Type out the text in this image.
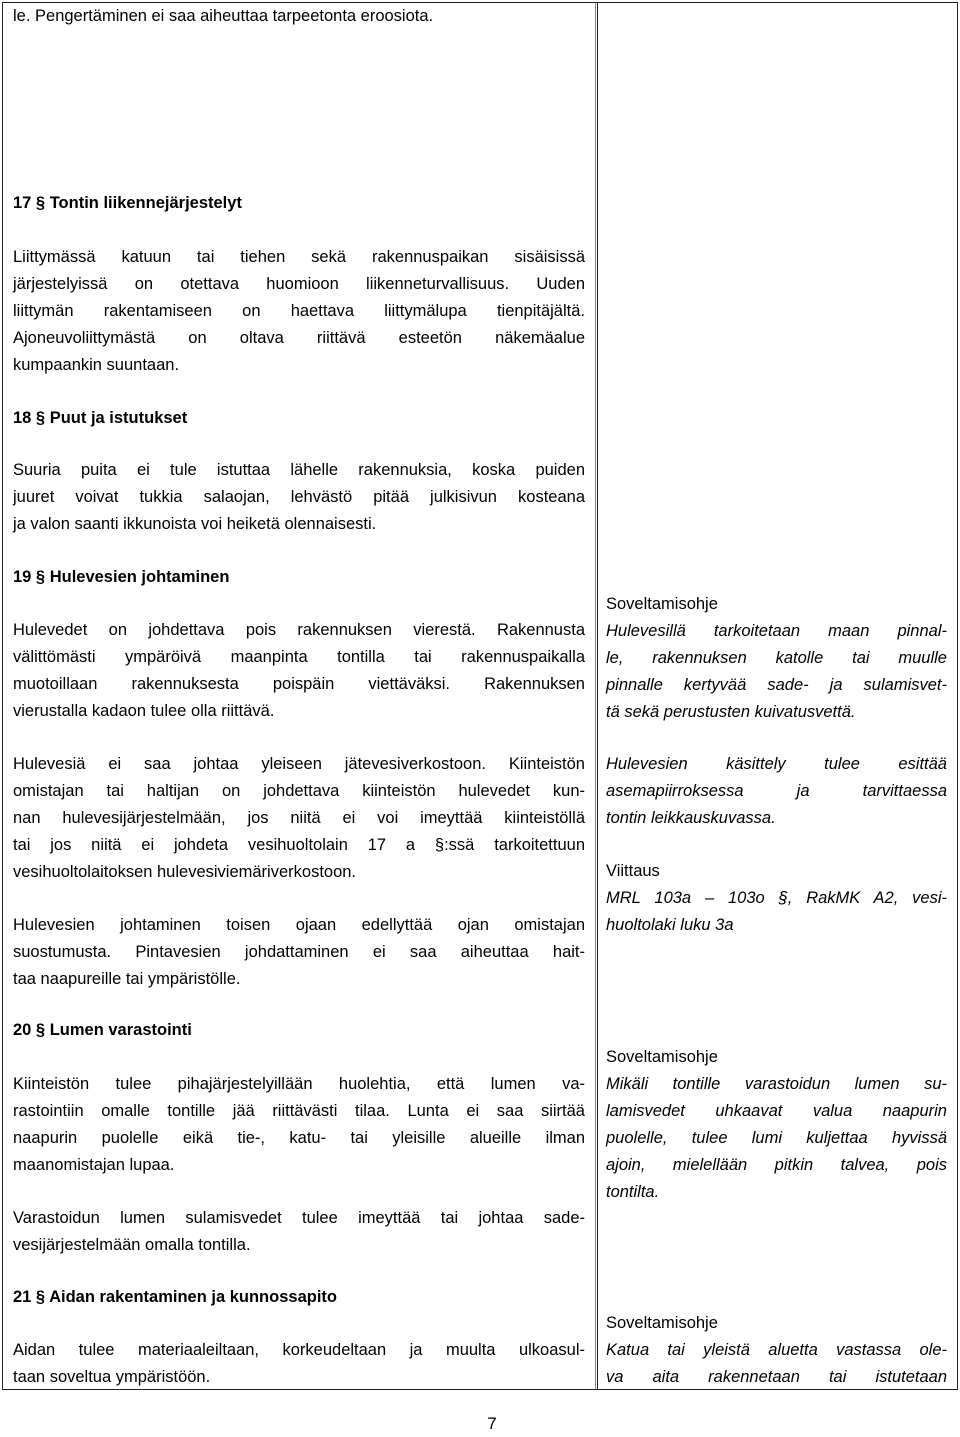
le. Pengertäminen ei saa aiheuttaa tarpeetonta eroosiota.
17 § Tontin liikennejärjestelyt
Liittymässä katuun tai tiehen sekä rakennuspaikan sisäisissä
järjestelyissä on otettava huomioon liikenneturvallisuus. Uuden
liittymän rakentamiseen on haettava liittymälupa tienpitäjältä.
Ajoneuvoliittymästä on oltava riittävä esteetön näkemäalue
kumpaankin suuntaan.
18 § Puut ja istutukset
Suuria puita ei tule istuttaa lähelle rakennuksia, koska puiden
juuret voivat tukkia salaojan, lehvästö pitää julkisivun kosteana
ja valon saanti ikkunoista voi heiketä olennaisesti.
19 § Hulevesien johtaminen
Hulevedet on johdettava pois rakennuksen vierestä. Rakennusta
välittömästi ympäröivä maanpinta tontilla tai rakennuspaikalla
muotoillaan rakennuksesta poispäin viettäväksi. Rakennuksen
vierustalla kadaon tulee olla riittävä.
Hulevesiä ei saa johtaa yleiseen jätevesiverkostoon. Kiinteistön
omistajan tai haltijan on johdettava kiinteistön hulevedet kun-
nan hulevesijärjestelmään, jos niitä ei voi imeyttää kiinteistöllä
tai jos niitä ei johdeta vesihuoltolain 17 a §:ssä tarkoitettuun
vesihuoltolaitoksen hulevesiviemäriverkostoon.
Hulevesien johtaminen toisen ojaan edellyttää ojan omistajan
suostumusta. Pintavesien johdattaminen ei saa aiheuttaa hait-
taa naapureille tai ympäristölle.
20 § Lumen varastointi
Kiinteistön tulee pihajärjestelyillään huolehtia, että lumen va-
rastointiin omalle tontille jää riittävästi tilaa. Lunta ei saa siirtää
naapurin puolelle eikä tie-, katu- tai yleisille alueille ilman
maanomistajan lupaa.
Varastoidun lumen sulamisvedet tulee imeyttää tai johtaa sade-
vesijärjestelmään omalla tontilla.
21 § Aidan rakentaminen ja kunnossapito
Aidan tulee materiaaleiltaan, korkeudeltaan ja muulta ulkoasul-
taan soveltua ympäristöön.
Soveltamisohje
Hulevesillä tarkoitetaan maan pinnal-
le, rakennuksen katolle tai muulle
pinnalle kertyvää sade- ja sulamisvet-
tä sekä perustusten kuivatusvettä.
Hulevesien käsittely tulee esittää
asemapiirroksessa ja tarvittaessa
tontin leikkauskuvassa.
Viittaus
MRL 103a – 103o §, RakMK A2, vesi-
huoltolaki luku 3a
Soveltamisohje
Mikäli tontille varastoidun lumen su-
lamisvedet uhkaavat valua naapurin
puolelle, tulee lumi kuljettaa hyvissä
ajoin, mielellään pitkin talvea, pois
tontilta.
Soveltamisohje
Katua tai yleistä aluetta vastassa ole-
va aita rakennetaan tai istutetaan
7
